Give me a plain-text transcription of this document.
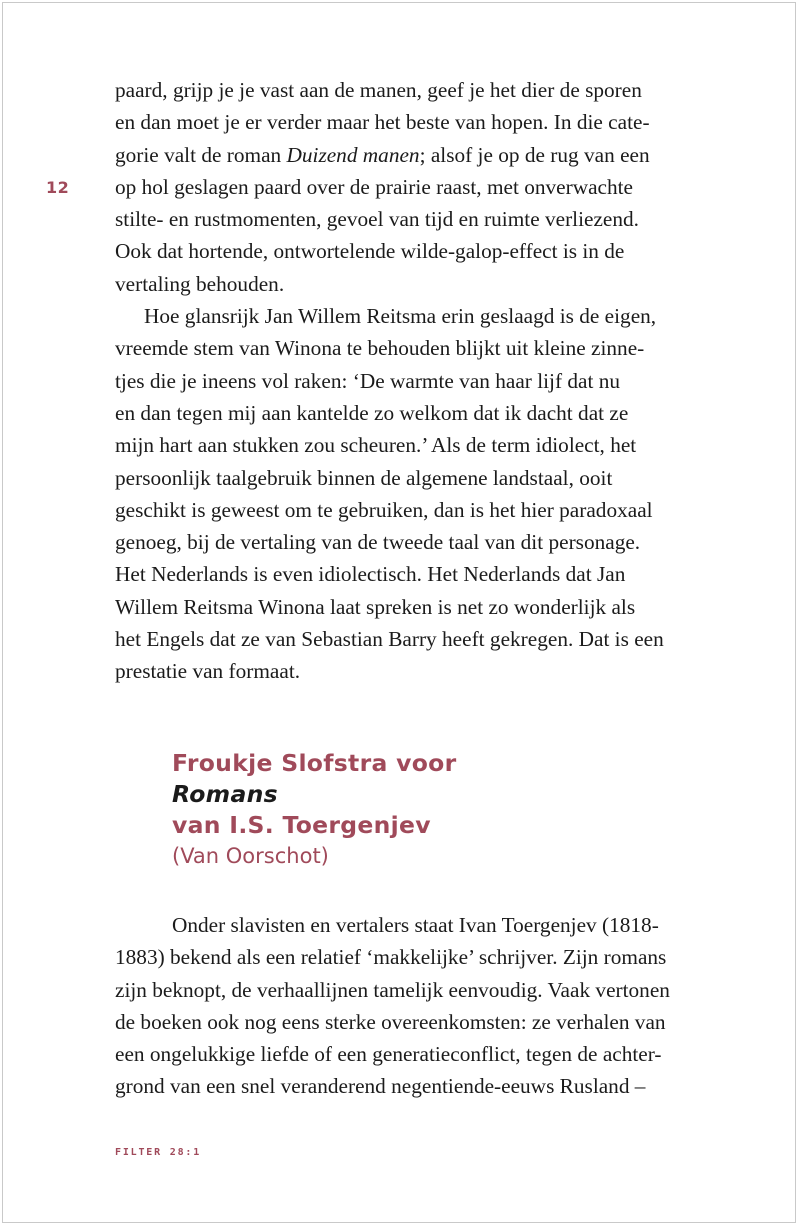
12
paard, grijp je je vast aan de manen, geef je het dier de sporen
en dan moet je er verder maar het beste van hopen. In die cate-
gorie valt de roman Duizend manen; alsof je op de rug van een
op hol geslagen paard over de prairie raast, met onverwachte
stilte- en rustmomenten, gevoel van tijd en ruimte verliezend.
Ook dat hortende, ontwortelende wilde-galop-effect is in de
vertaling behouden.
Hoe glansrijk Jan Willem Reitsma erin geslaagd is de eigen,
vreemde stem van Winona te behouden blijkt uit kleine zinne-
tjes die je ineens vol raken: ‘De warmte van haar lijf dat nu
en dan tegen mij aan kantelde zo welkom dat ik dacht dat ze
mijn hart aan stukken zou scheuren.’ Als de term idiolect, het
persoonlijk taalgebruik binnen de algemene landstaal, ooit
geschikt is geweest om te gebruiken, dan is het hier paradoxaal
genoeg, bij de vertaling van de tweede taal van dit personage.
Het Nederlands is even idiolectisch. Het Nederlands dat Jan
Willem Reitsma Winona laat spreken is net zo wonderlijk als
het Engels dat ze van Sebastian Barry heeft gekregen. Dat is een
prestatie van formaat.
Froukje Slofstra voor
Romans
van I.S. Toergenjev
(Van Oorschot)
Onder slavisten en vertalers staat Ivan Toergenjev (1818-
1883) bekend als een relatief ‘makkelijke’ schrijver. Zijn romans
zijn beknopt, de verhaallijnen tamelijk eenvoudig. Vaak vertonen
de boeken ook nog eens sterke overeenkomsten: ze verhalen van
een ongelukkige liefde of een generatieconflict, tegen de achter-
grond van een snel veranderend negentiende-eeuws Rusland –
FILTER 28:1
